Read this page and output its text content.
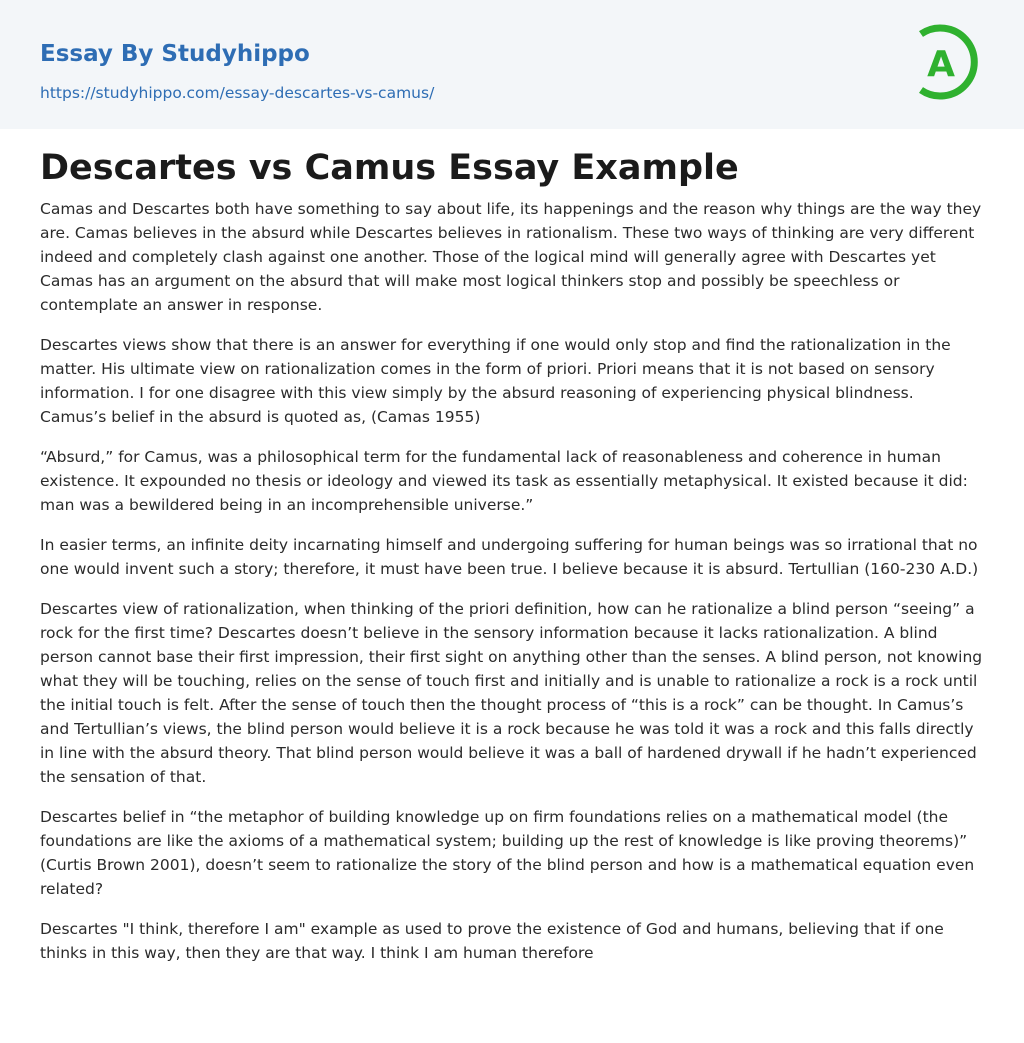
Essay By Studyhippo
https://studyhippo.com/essay-descartes-vs-camus/
A
Descartes vs Camus Essay Example

Camas and Descartes both have something to say about life, its happenings and the reason why things are the way they are. Camas believes in the absurd while Descartes believes in rationalism. These two ways of thinking are very different indeed and completely clash against one another. Those of the logical mind will generally agree with Descartes yet Camas has an argument on the absurd that will make most logical thinkers stop and possibly be speechless or contemplate an answer in response.

Descartes views show that there is an answer for everything if one would only stop and find the rationalization in the matter. His ultimate view on rationalization comes in the form of priori. Priori means that it is not based on sensory information. I for one disagree with this view simply by the absurd reasoning of experiencing physical blindness. Camus’s belief in the absurd is quoted as, (Camas 1955)

“Absurd,” for Camus, was a philosophical term for the fundamental lack of reasonableness and coherence in human existence. It expounded no thesis or ideology and viewed its task as essentially metaphysical. It existed because it did: man was a bewildered being in an incomprehensible universe.”

In easier terms, an infinite deity incarnating himself and undergoing suffering for human beings was so irrational that no one would invent such a story; therefore, it must have been true. I believe because it is absurd. Tertullian (160-230 A.D.)

Descartes view of rationalization, when thinking of the priori definition, how can he rationalize a blind person “seeing” a rock for the first time? Descartes doesn’t believe in the sensory information because it lacks rationalization. A blind person cannot base their first impression, their first sight on anything other than the senses. A blind person, not knowing what they will be touching, relies on the sense of touch first and initially and is unable to rationalize a rock is a rock until the initial touch is felt. After the sense of touch then the thought process of “this is a rock” can be thought. In Camus’s and Tertullian’s views, the blind person would believe it is a rock because he was told it was a rock and this falls directly in line with the absurd theory. That blind person would believe it was a ball of hardened drywall if he hadn’t experienced the sensation of that.

Descartes belief in “the metaphor of building knowledge up on firm foundations relies on a mathematical model (the foundations are like the axioms of a mathematical system; building up the rest of knowledge is like proving theorems)” (Curtis Brown 2001), doesn’t seem to rationalize the story of the blind person and how is a mathematical equation even related?

Descartes "I think, therefore I am" example as used to prove the existence of God and humans, believing that if one thinks in this way, then they are that way. I think I am human therefore
